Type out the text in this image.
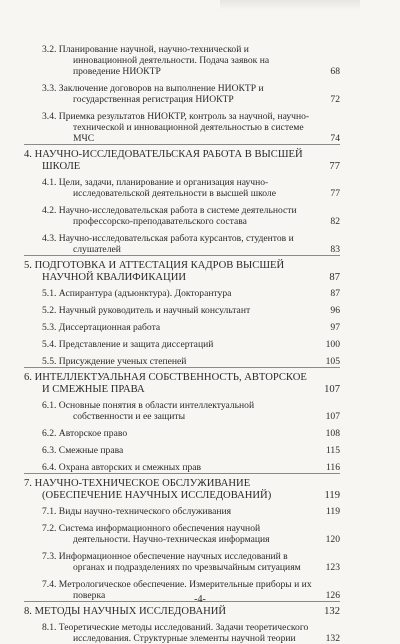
3.2. Планирование научной, научно-технической и инновационной деятельности. Подача заявок на проведение НИОКТР	68
3.3. Заключение договоров на выполнение НИОКТР и государственная регистрация НИОКТР	72
3.4. Приемка результатов НИОКТР, контроль за научной, научно-технической и инновационной деятельностью в системе МЧС	74
4. НАУЧНО-ИССЛЕДОВАТЕЛЬСКАЯ РАБОТА В ВЫСШЕЙ ШКОЛЕ	77
4.1. Цели, задачи, планирование и организация научно-исследовательской деятельности в высшей школе	77
4.2. Научно-исследовательская работа в системе деятельности профессорско-преподавательского состава	82
4.3. Научно-исследовательская работа курсантов, студентов и слушателей	83
5. ПОДГОТОВКА И АТТЕСТАЦИЯ КАДРОВ ВЫСШЕЙ НАУЧНОЙ КВАЛИФИКАЦИИ	87
5.1. Аспирантура (адъюнктура). Докторантура	87
5.2. Научный руководитель и научный консультант	96
5.3. Диссертационная работа	97
5.4. Представление и защита диссертаций	100
5.5. Присуждение ученых степеней	105
6. ИНТЕЛЛЕКТУАЛЬНАЯ СОБСТВЕННОСТЬ, АВТОРСКОЕ И СМЕЖНЫЕ ПРАВА	107
6.1. Основные понятия в области интеллектуальной собственности и ее защиты	107
6.2. Авторское право	108
6.3. Смежные права	115
6.4. Охрана авторских и смежных прав	116
7. НАУЧНО-ТЕХНИЧЕСКОЕ ОБСЛУЖИВАНИЕ (ОБЕСПЕЧЕНИЕ НАУЧНЫХ ИССЛЕДОВАНИЙ)	119
7.1. Виды научно-технического обслуживания	119
7.2. Система информационного обеспечения научной деятельности. Научно-техническая информация	120
7.3. Информационное обеспечение научных исследований в органах и подразделениях по чрезвычайным ситуациям	123
7.4. Метрологическое обеспечение. Измерительные приборы и их поверка	126
8. МЕТОДЫ НАУЧНЫХ ИССЛЕДОВАНИЙ	132
8.1. Теоретические методы исследований. Задачи теоретического исследования. Структурные элементы научной теории	132
-4-
